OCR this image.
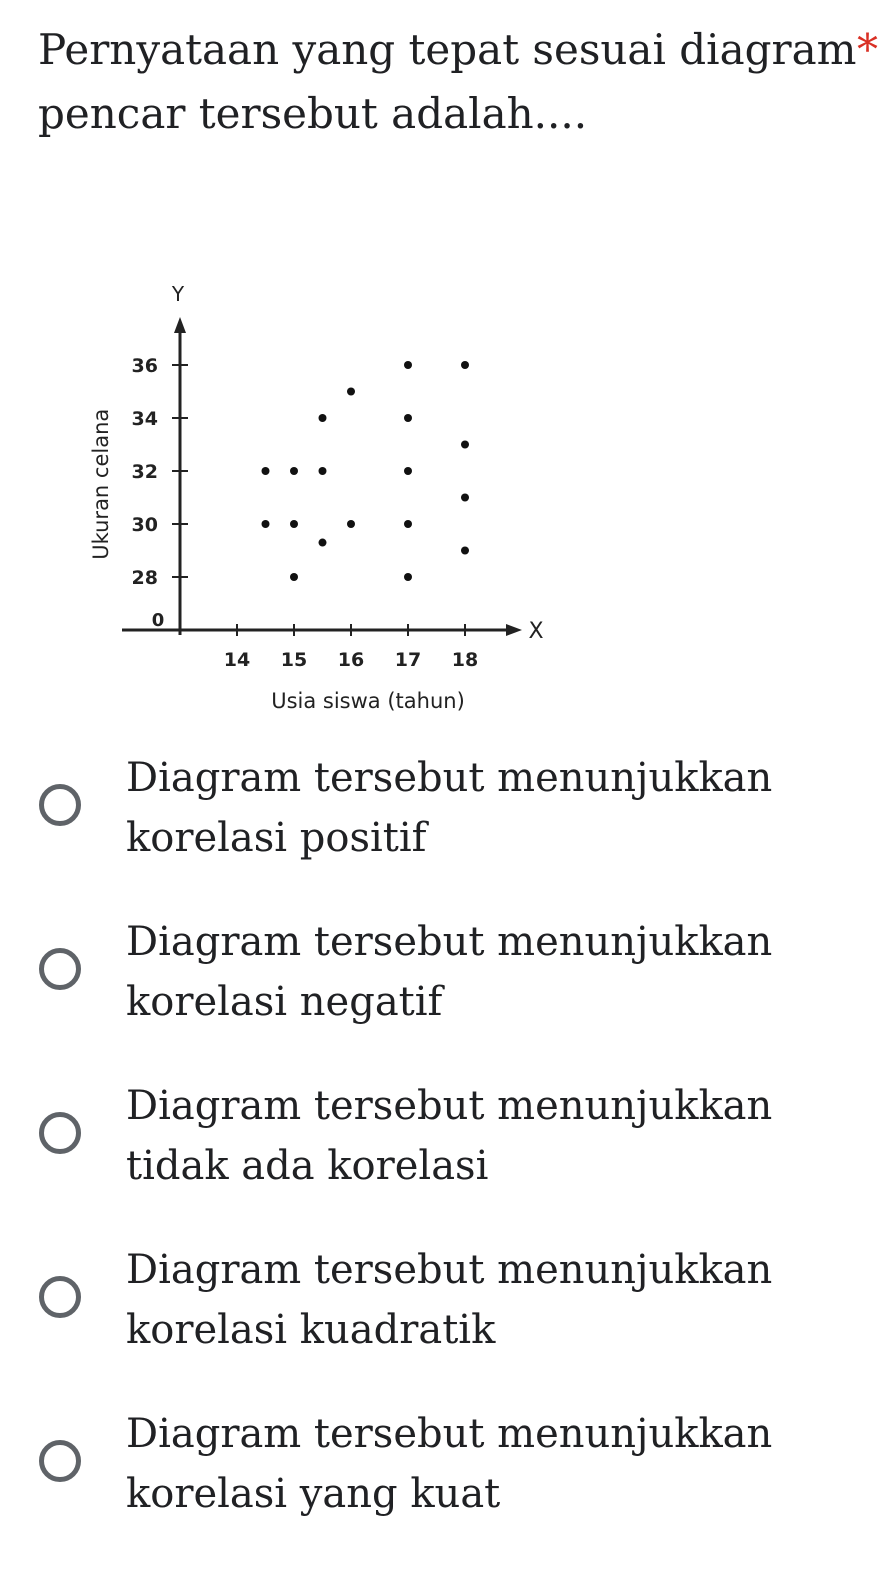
Pernyataan yang tepat sesuai diagram pencar tersebut adalah....
*
Y
X
0
28
30
32
34
36
14 15 16 17 18
Usia siswa (tahun)
Ukuran celana
Diagram tersebut menunjukkan korelasi positif
Diagram tersebut menunjukkan korelasi negatif
Diagram tersebut menunjukkan tidak ada korelasi
Diagram tersebut menunjukkan korelasi kuadratik
Diagram tersebut menunjukkan korelasi yang kuat
